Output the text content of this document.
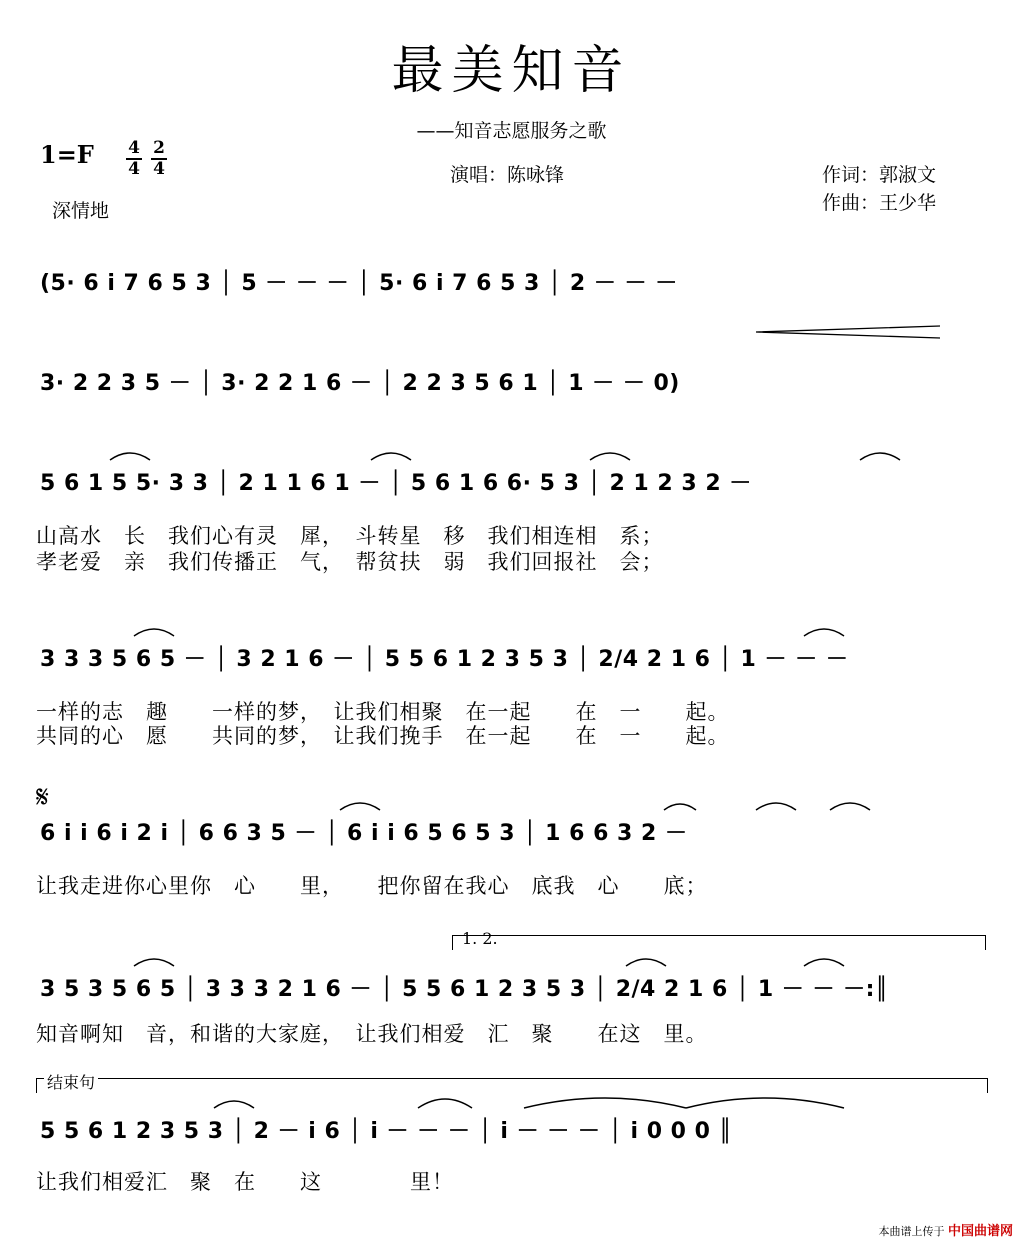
最美知音
——知音志愿服务之歌
1=F 4
4
2
4
深情地
演唱：陈咏锋	作词：郭淑文
作曲：王少华
(5· 6 i 7 6 5 3 │ 5 － － － │ 5· 6 i 7 6 5 3 │ 2 － － －
3· 2 2 3 5 － │ 3· 2 2 1 6 － │ 2 2 3 5 6 1 │ 1 － － 0)
5 6 1 5 5· 3 3 │ 2 1 1 6 1 － │ 5 6 1 6 6· 5 3 │ 2 1 2 3 2 －
山高水　长　我们心有灵　犀，　斗转星　移　我们相连相　系；
孝老爱　亲　我们传播正　气，　帮贫扶　弱　我们回报社　会；
3 3 3 5 6 5 － │ 3 2 1 6 － │ 5 5 6 1 2 3 5 3 │ 2/4 2 1 6 │ 1 － － －
一样的志　趣　　一样的梦，　让我们相聚　在一起　　在　一　　起。
共同的心　愿　　共同的梦，　让我们挽手　在一起　　在　一　　起。
𝄋
6 i i 6 i 2 i │ 6 6 3 5 － │ 6 i i 6 5 6 5 3 │ 1 6 6 3 2 －
让我走进你心里你　心　　里，　　把你留在我心　底我　心　　底；
1. 2.
3 5 3 5 6 5 │ 3 3 3 2 1 6 － │ 5 5 6 1 2 3 5 3 │ 2/4 2 1 6 │ 1 － － －:║
知音啊知　音，和谐的大家庭，　让我们相爱　汇　聚　　在这　里。
结束句
5 5 6 1 2 3 5 3 │ 2 － i 6 │ i － － － │ i － － － │ i 0 0 0 ║
让我们相爱汇　聚　在　　这　　　　里！
本曲谱上传于 中国曲谱网
